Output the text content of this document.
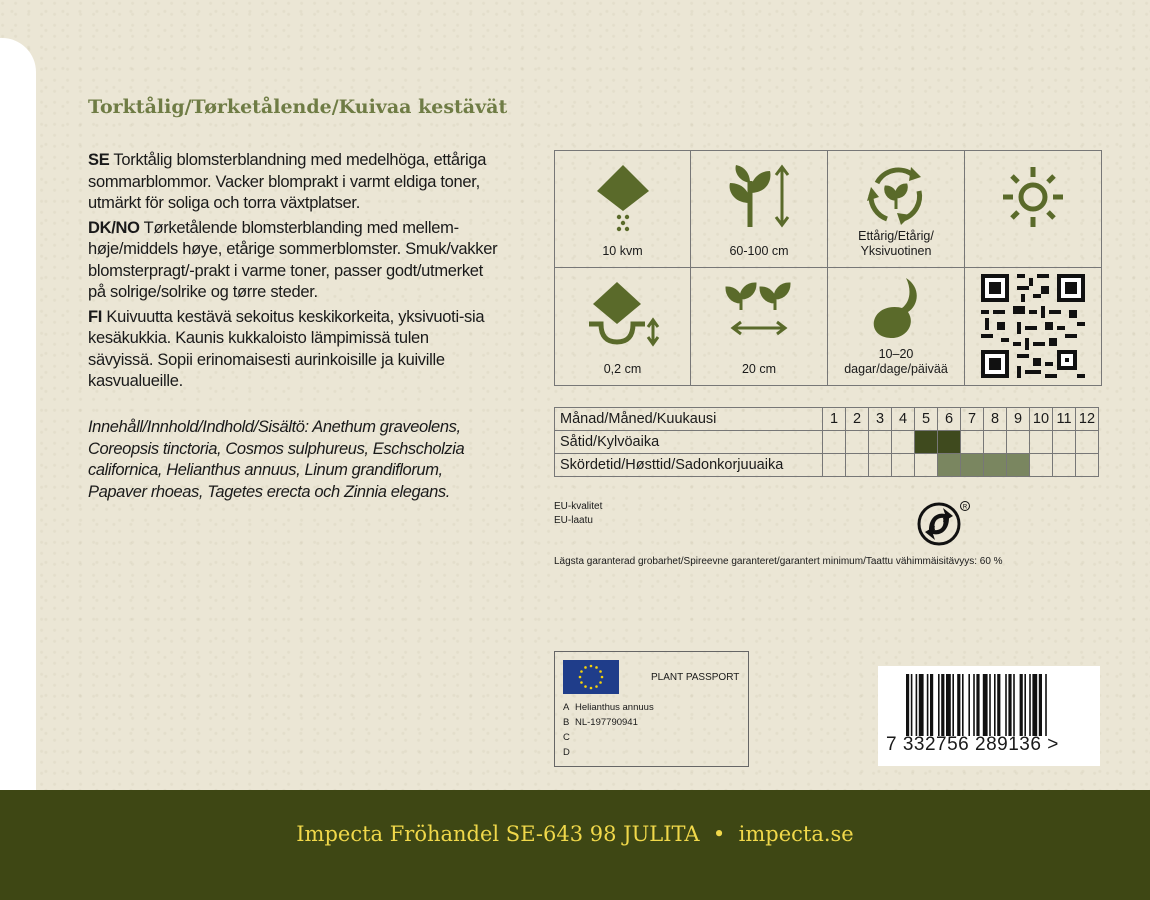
Torktålig/Tørketålende/Kuivaa kestävät

SE Torktålig blomsterblandning med medelhöga, ettåriga sommarblommor. Vacker blomprakt i varmt eldiga toner, utmärkt för soliga och torra växtplatser.

DK/NO Tørketålende blomsterblanding med mellem-høje/middels høye, etårige sommerblomster. Smuk/vakker blomsterpragt/-prakt i varme toner, passer godt/utmerket på solrige/solrike og tørre steder.

FI Kuivuutta kestävä sekoitus keskikorkeita, yksivuoti-sia kesäkukkia. Kaunis kukkaloisto lämpimissä tulen sävyissä. Sopii erinomaisesti aurinkoisille ja kuiville kasvualueille.

Innehåll/Innhold/Indhold/Sisältö: Anethum graveolens, Coreopsis tinctoria, Cosmos sulphureus, Eschscholzia californica, Helianthus annuus, Linum grandiflorum, Papaver rhoeas, Tagetes erecta och Zinnia elegans.
10 kvm	60-100 cm
Ettårig/Etårig/ Yksivuotinen
0,2 cm	20 cm
10–20 dagar/dage/päivää
Månad/Måned/Kuukausi	1	2	3	4	5	6	7	8	9	10	11	12
Såtid/Kylvöaika												
Skördetid/Høsttid/Sadonkorjuuaika												
EU-kvalitet
EU-laatu
R
Lägsta garanterad grobarhet/Spireevne garanteret/garantert minimum/Taattu vähimmäisitävyys: 60 %
PLANT PASSPORT
A Helianthus annuus
B NL-197790941
C
D	7 332756 289136 >
Impecta Fröhandel SE-643 98 JULITA  •  impecta.se
